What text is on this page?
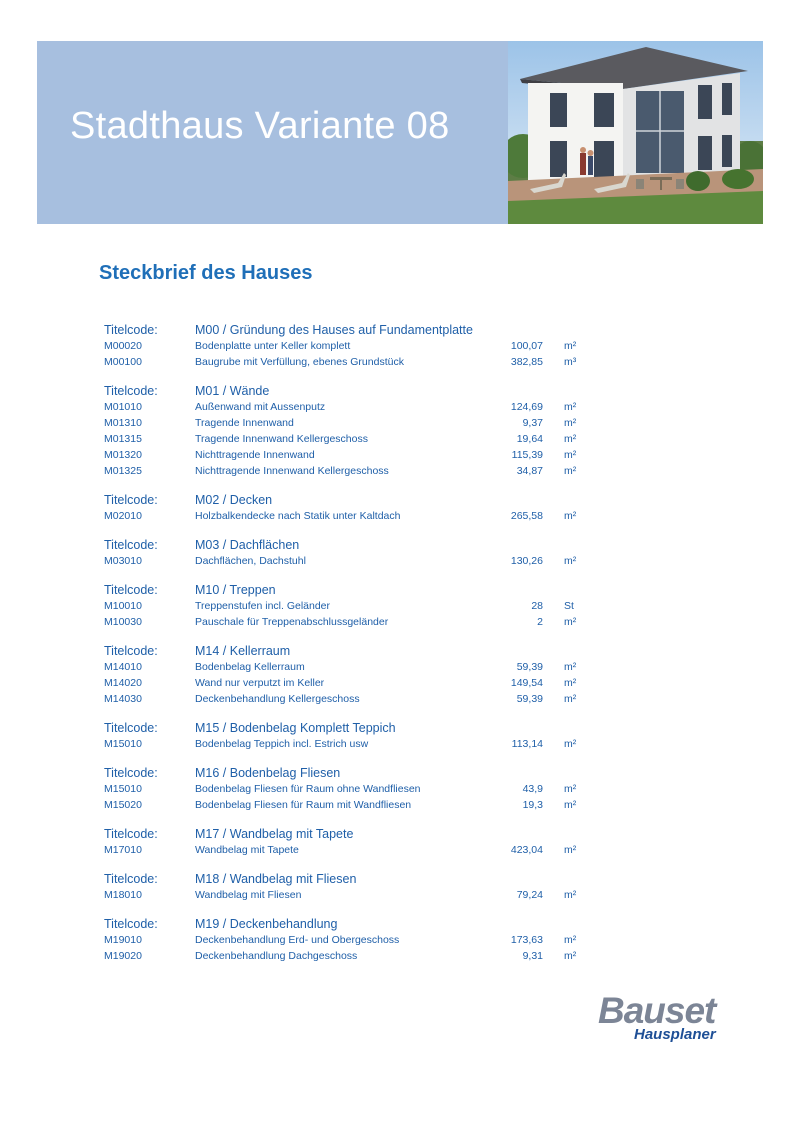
Stadthaus Variante 08
Steckbrief des Hauses
Titelcode:	M00 / Gründung des Hauses auf Fundamentplatte
M00020	Bodenplatte unter Keller komplett	100,07 m²
M00100	Baugrube mit Verfüllung, ebenes Grundstück	382,85 m³
Titelcode:	M01 / Wände
M01010	Außenwand mit Aussenputz	124,69 m²
M01310	Tragende Innenwand	9,37 m²
M01315	Tragende Innenwand Kellergeschoss	19,64 m²
M01320	Nichttragende Innenwand	115,39 m²
M01325	Nichttragende Innenwand Kellergeschoss	34,87 m²
Titelcode:	M02 / Decken
M02010	Holzbalkendecke nach Statik unter Kaltdach	265,58 m²
Titelcode:	M03 / Dachflächen
M03010	Dachflächen, Dachstuhl	130,26 m²
Titelcode:	M10 / Treppen
M10010	Treppenstufen incl. Geländer	28 St
M10030	Pauschale für Treppenabschlussgeländer	2 m²
Titelcode:	M14 / Kellerraum
M14010	Bodenbelag Kellerraum	59,39 m²
M14020	Wand nur verputzt im Keller	149,54 m²
M14030	Deckenbehandlung Kellergeschoss	59,39 m²
Titelcode:	M15 / Bodenbelag Komplett Teppich
M15010	Bodenbelag Teppich incl. Estrich usw	113,14 m²
Titelcode:	M16 / Bodenbelag Fliesen
M15010	Bodenbelag Fliesen für Raum ohne Wandfliesen	43,9 m²
M15020	Bodenbelag Fliesen für Raum mit Wandfliesen	19,3 m²
Titelcode:	M17 / Wandbelag mit Tapete
M17010	Wandbelag mit Tapete	423,04 m²
Titelcode:	M18 / Wandbelag mit Fliesen
M18010	Wandbelag mit Fliesen	79,24 m²
Titelcode:	M19 / Deckenbehandlung
M19010	Deckenbehandlung Erd- und Obergeschoss	173,63 m²
M19020	Deckenbehandlung Dachgeschoss	9,31 m²
Bauset
Hausplaner
